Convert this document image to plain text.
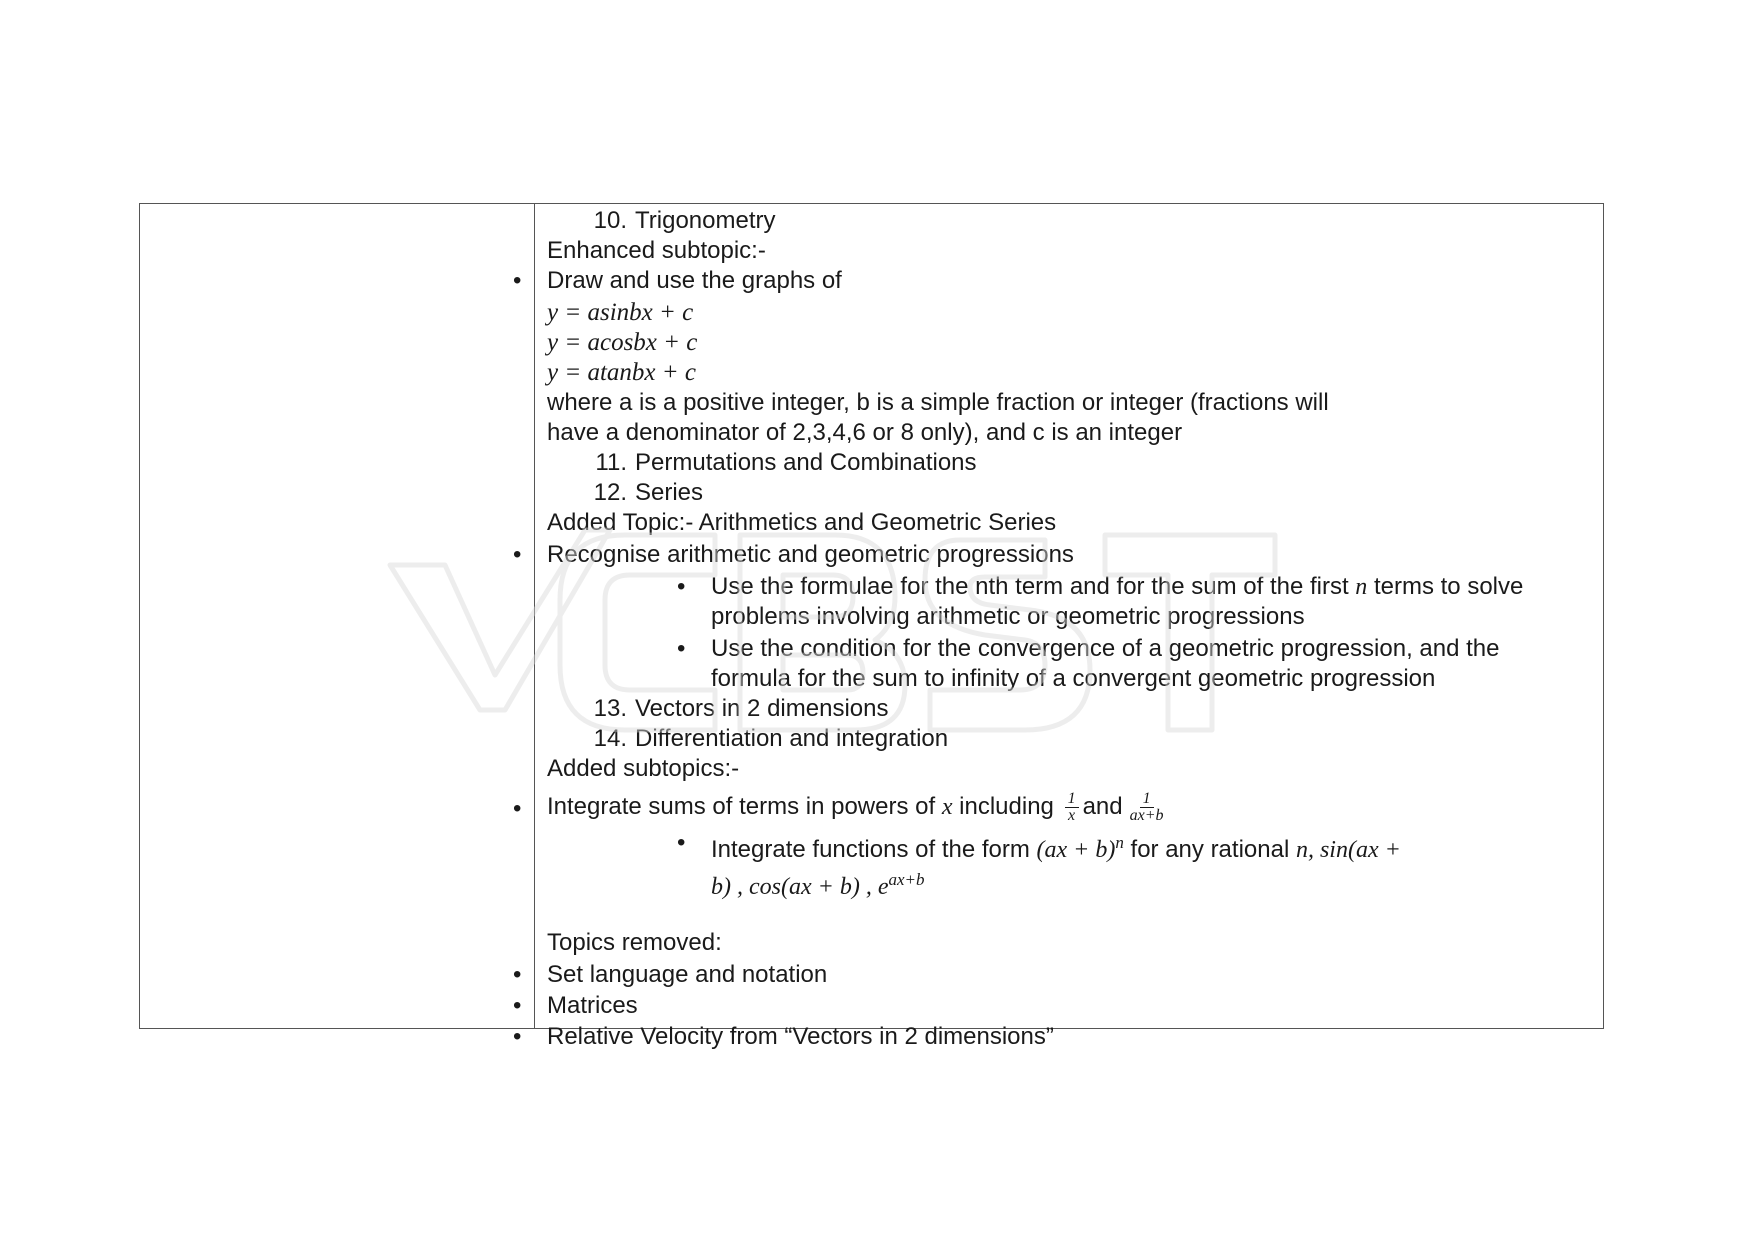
10. Trigonometry

Enhanced subtopic:-

• Draw and use the graphs of

y = asinbx + c

y = acosbx + c

y = atanbx + c

where a is a positive integer, b is a simple fraction or integer (fractions will

have a denominator of 2,3,4,6 or 8 only), and c is an integer

11. Permutations and Combinations

12. Series

Added Topic:- Arithmetics and Geometric Series

• Recognise arithmetic and geometric progressions

• Use the formulae for the nth term and for the sum of the first n terms to solve

problems involving arithmetic or geometric progressions

• Use the condition for the convergence of a geometric progression, and the

formula for the sum to infinity of a convergent geometric progression

13. Vectors in 2 dimensions

14. Differentiation and integration

Added subtopics:-

• Integrate sums of terms in powers of x including $\frac{1}{x}$ and $\frac{1}{ax+b}$

• Integrate functions of the form (ax + b)$^n$ for any rational n, sin(ax +

b) , cos(ax + b) , $e^{ax+b}$

Topics removed:

• Set language and notation

• Matrices

• Relative Velocity from “Vectors in 2 dimensions”
